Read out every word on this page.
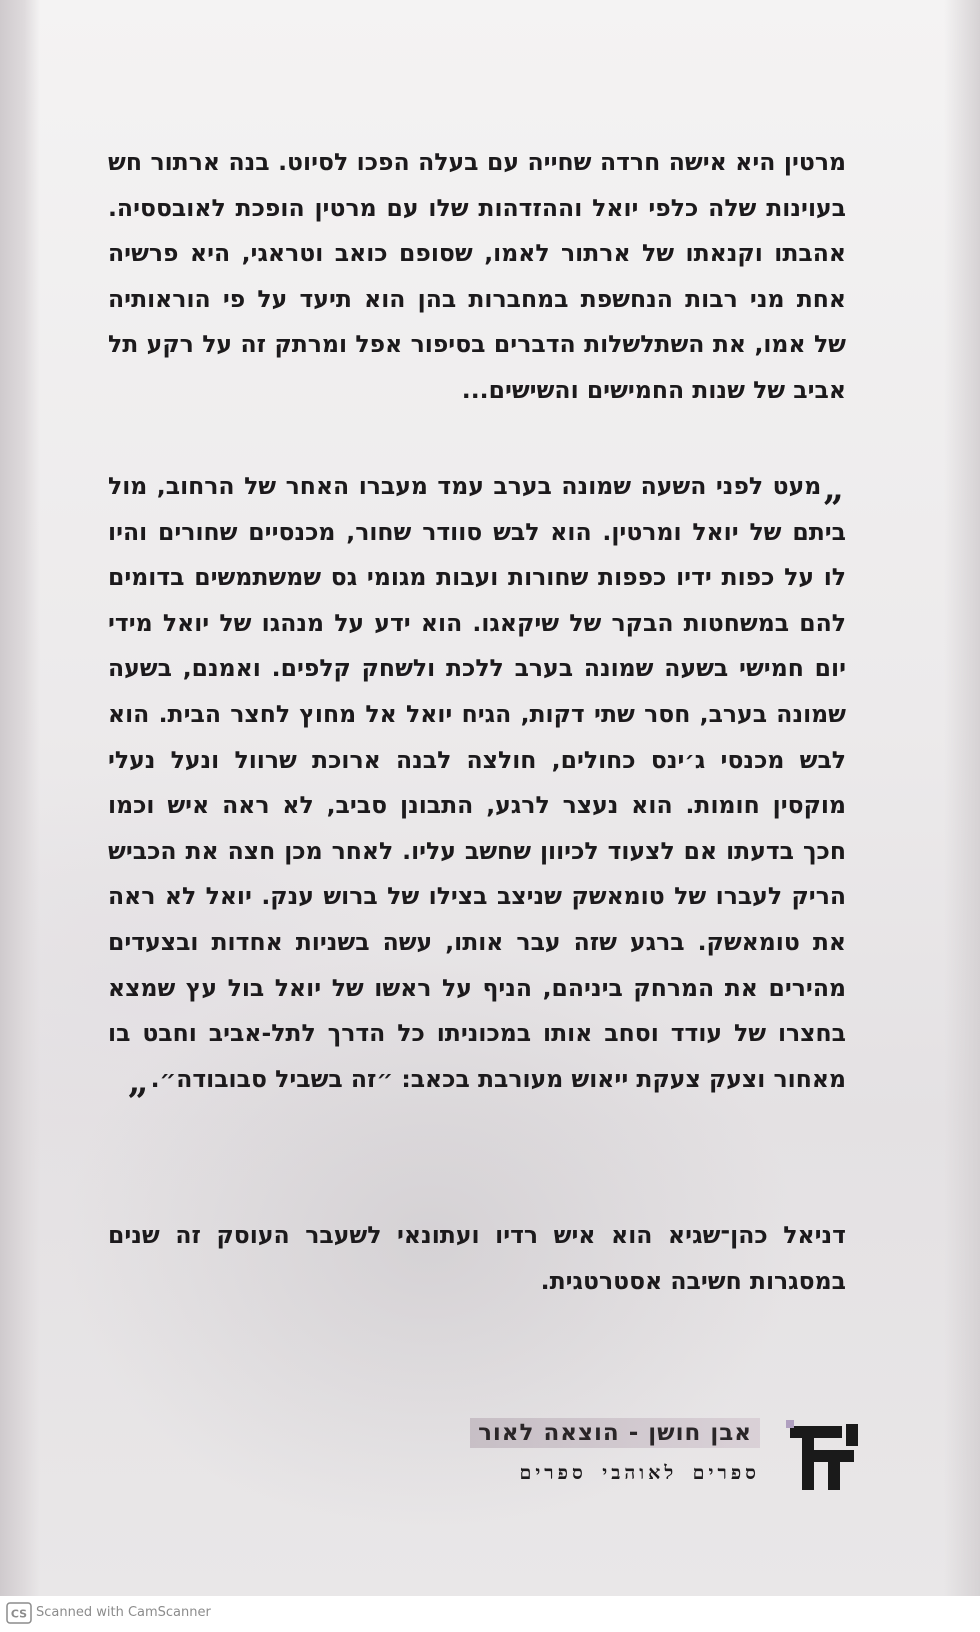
מרטין היא אישה חרדה שחייה עם בעלה הפכו לסיוט. בנה ארתור חש בעוינות שלה כלפי יואל וההזדהות שלו עם מרטין הופכת לאובססיה. אהבתו וקנאתו של ארתור לאמו, שסופם כואב וטראגי, היא פרשיה אחת מני רבות הנחשפת במחברות בהן הוא תיעד על פי הוראותיה של אמו, את השתלשלות הדברים בסיפור אפל ומרתק זה על רקע תל אביב של שנות החמישים והשישים...
„מעט לפני השעה שמונה בערב עמד מעברו האחר של הרחוב, מול ביתם של יואל ומרטין. הוא לבש סוודר שחור, מכנסיים שחורים והיו לו על כפות ידיו כפפות שחורות ועבות מגומי גס שמשתמשים בדומים להם במשחטות הבקר של שיקאגו. הוא ידע על מנהגו של יואל מידי יום חמישי בשעה שמונה בערב ללכת ולשחק קלפים. ואמנם, בשעה שמונה בערב, חסר שתי דקות, הגיח יואל אל מחוץ לחצר הבית. הוא לבש מכנסי ג׳ינס כחולים, חולצה לבנה ארוכת שרוול ונעל נעלי מוקסין חומות. הוא נעצר לרגע, התבונן סביב, לא ראה איש וכמו חכך בדעתו אם לצעוד לכיוון שחשב עליו. לאחר מכן חצה את הכביש הריק לעברו של טומאשק שניצב בצילו של ברוש ענק. יואל לא ראה את טומאשק. ברגע שזה עבר אותו, עשה בשניות אחדות ובצעדים מהירים את המרחק ביניהם, הניף על ראשו של יואל בול עץ שמצא בחצרו של עודד וסחב אותו במכוניתו כל הדרך לתל-אביב וחבט בו מאחור וצעק צעקת ייאוש מעורבת בכאב: ״זה בשביל סבובודה״.„
דניאל כהן־שגיא הוא איש רדיו ועתונאי לשעבר העוסק זה שנים במסגרות חשיבה אסטרטגית.
אבן חושן - הוצאה לאור
ספרים לאוהבי ספרים
CS Scanned with CamScanner
